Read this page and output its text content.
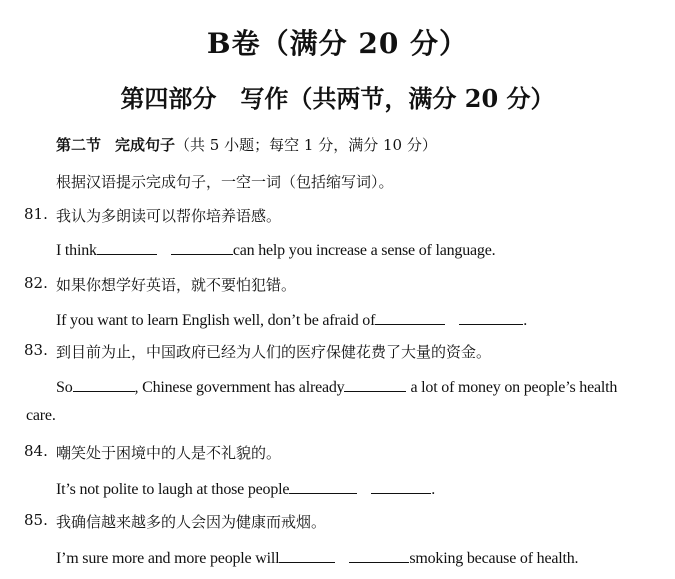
B卷（满分 20 分）
第四部分　写作（共两节，满分 20 分）
第二节 完成句子（共 5 小题；每空 1 分，满分 10 分）
根据汉语提示完成句子，一空一词（包括缩写词）。
81. 我认为多朗读可以帮你培养语感。
I think	can help you increase a sense of language.
82. 如果你想学好英语，就不要怕犯错。
If you want to learn English well, don’t be afraid of	.
83. 到目前为止，中国政府已经为人们的医疗保健花费了大量的资金。
So	, Chinese government has already	a lot of money on people’s health
care.
84. 嘲笑处于困境中的人是不礼貌的。
It’s not polite to laugh at those people	.
85. 我确信越来越多的人会因为健康而戒烟。
I’m sure more and more people will	smoking because of health.
